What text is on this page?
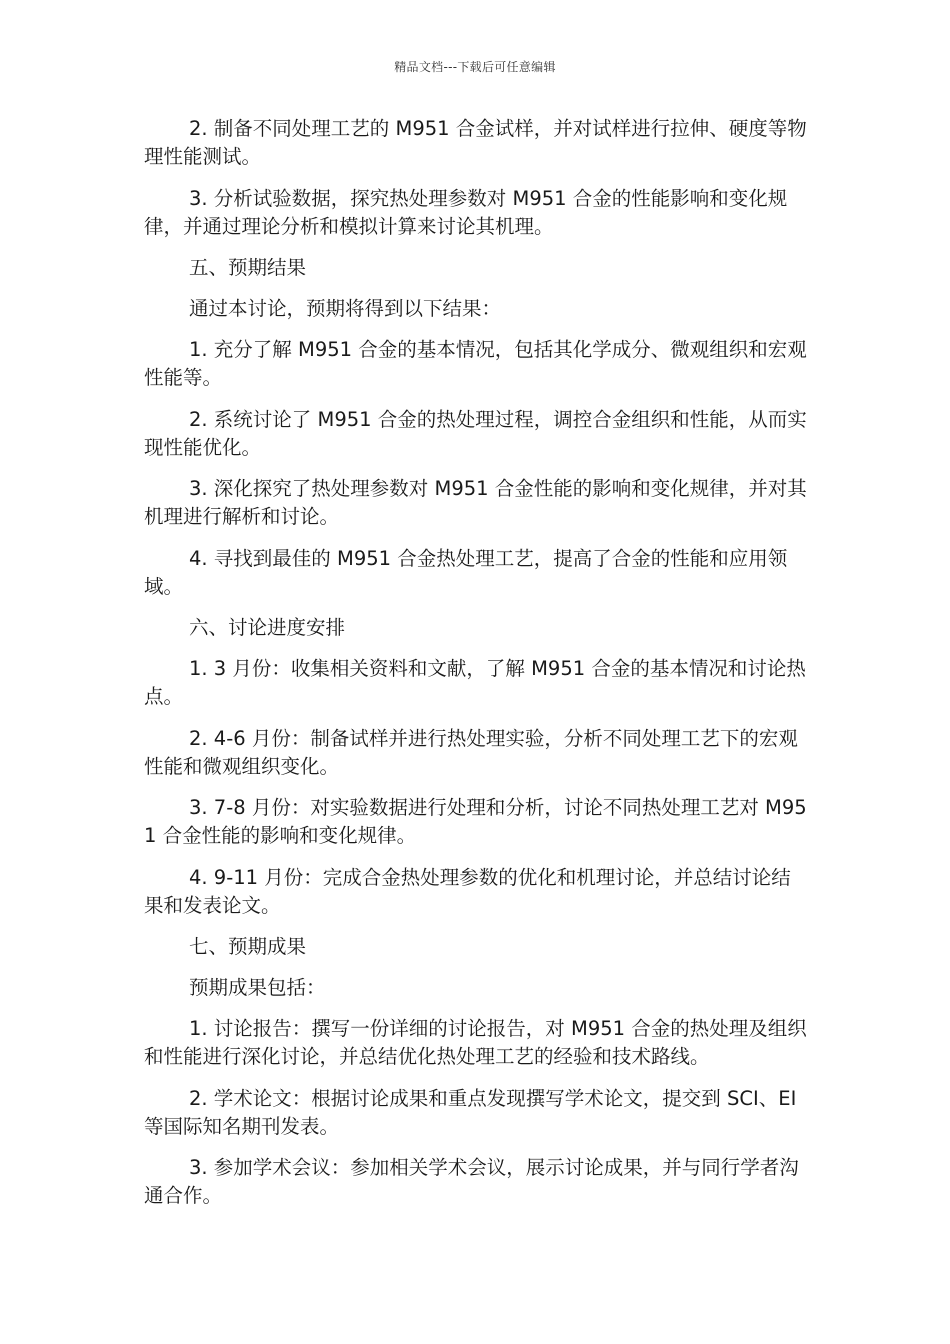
精品文档---下载后可任意编辑

2. 制备不同处理工艺的 M951 合金试样，并对试样进行拉伸、硬度等物理性能测试。

3. 分析试验数据，探究热处理参数对 M951 合金的性能影响和变化规律，并通过理论分析和模拟计算来讨论其机理。

五、预期结果

通过本讨论，预期将得到以下结果：

1. 充分了解 M951 合金的基本情况，包括其化学成分、微观组织和宏观性能等。

2. 系统讨论了 M951 合金的热处理过程，调控合金组织和性能，从而实现性能优化。

3. 深化探究了热处理参数对 M951 合金性能的影响和变化规律，并对其机理进行解析和讨论。

4. 寻找到最佳的 M951 合金热处理工艺，提高了合金的性能和应用领域。

六、讨论进度安排

1. 3 月份：收集相关资料和文献，了解 M951 合金的基本情况和讨论热点。

2. 4-6 月份：制备试样并进行热处理实验，分析不同处理工艺下的宏观性能和微观组织变化。

3. 7-8 月份：对实验数据进行处理和分析，讨论不同热处理工艺对 M951 合金性能的影响和变化规律。

4. 9-11 月份：完成合金热处理参数的优化和机理讨论，并总结讨论结果和发表论文。

七、预期成果

预期成果包括：

1. 讨论报告：撰写一份详细的讨论报告，对 M951 合金的热处理及组织和性能进行深化讨论，并总结优化热处理工艺的经验和技术路线。

2. 学术论文：根据讨论成果和重点发现撰写学术论文，提交到 SCI、EI 等国际知名期刊发表。

3. 参加学术会议：参加相关学术会议，展示讨论成果，并与同行学者沟通合作。
